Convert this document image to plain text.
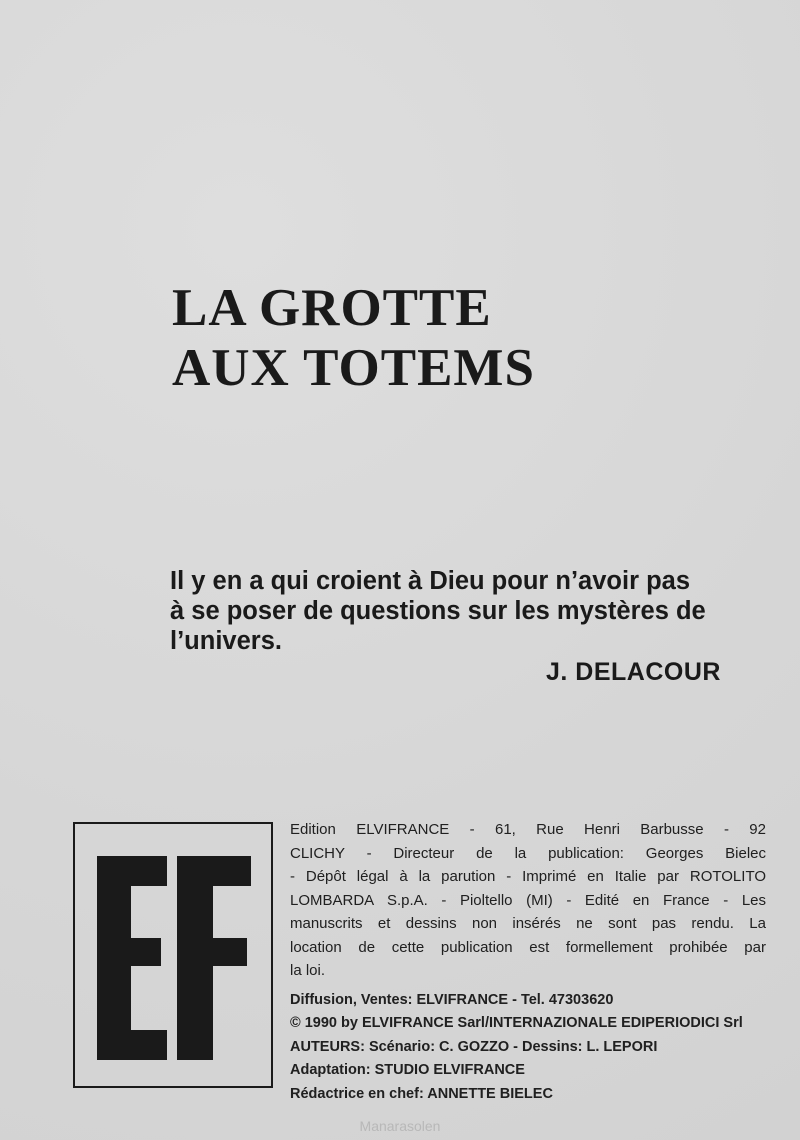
LA GROTTE
AUX TOTEMS
Il y en a qui croient à Dieu pour n’avoir pas
à se poser de questions sur les mystères de
l’univers.
J. DELACOUR
Edition ELVIFRANCE - 61, Rue Henri Barbusse - 92
CLICHY - Directeur de la publication: Georges Bielec
- Dépôt légal à la parution - Imprimé en Italie par ROTOLITO
LOMBARDA S.p.A. - Pioltello (MI) - Edité en France - Les
manuscrits et dessins non insérés ne sont pas rendu. La
location de cette publication est formellement prohibée par
la loi.
Diffusion, Ventes: ELVIFRANCE - Tel. 47303620
© 1990 by ELVIFRANCE Sarl/INTERNAZIONALE EDIPERIODICI Srl
AUTEURS: Scénario: C. GOZZO - Dessins: L. LEPORI
Adaptation: STUDIO ELVIFRANCE
Rédactrice en chef: ANNETTE BIELEC
Manarasolen
